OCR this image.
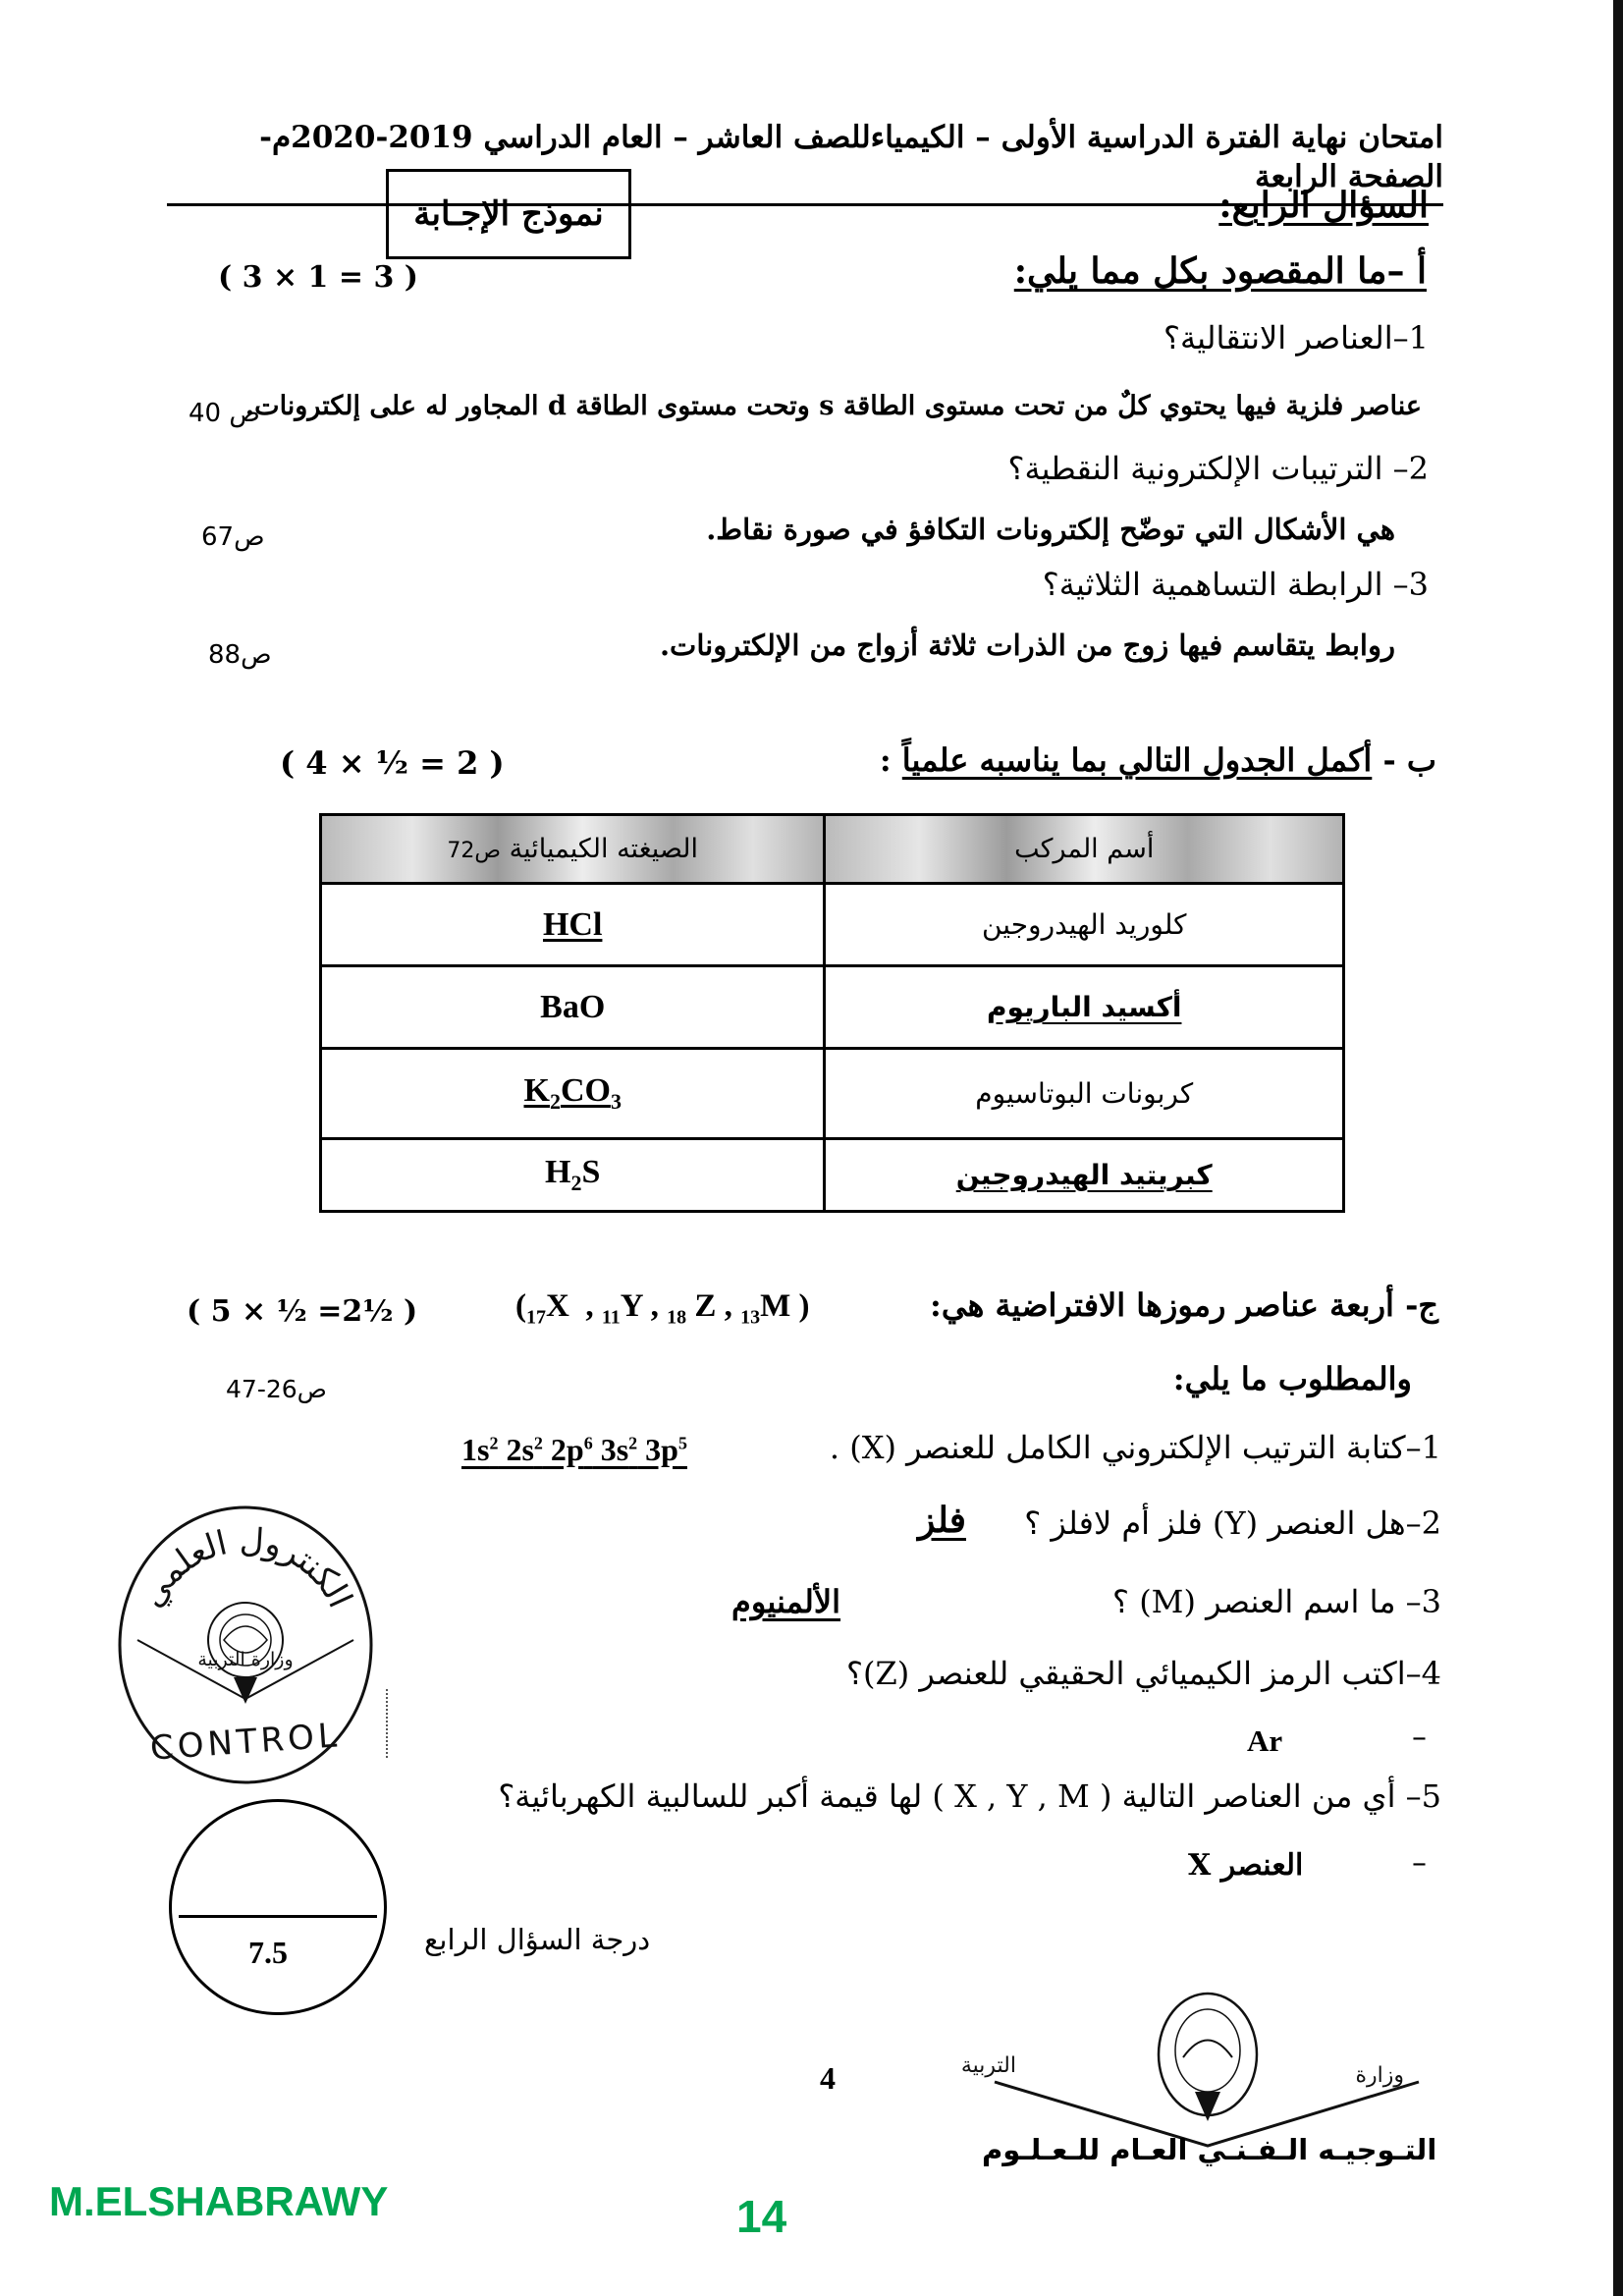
امتحان نهاية الفترة الدراسية الأولى – الكيمياءللصف العاشر – العام الدراسي 2019-2020م-الصفحة الرابعة
نموذج الإجـابة	السؤال الرابع:
أ –ما المقصود بكل مما يلي:
( 3 × 1 = 3 )
1–العناصر الانتقالية؟
عناصر فلزية فيها يحتوي كلٌ من تحت مستوى الطاقة s وتحت مستوى الطاقة d المجاور له على إلكترونات.
ص 40
2– الترتيبات الإلكترونية النقطية؟
هي الأشكال التي توضّح إلكترونات التكافؤ في صورة نقاط.
ص67
3– الرابطة التساهمية الثلاثية؟
روابط يتقاسم فيها زوج من الذرات ثلاثة أزواج من الإلكترونات.
ص88
ب - أكمل الجدول التالي بما يناسبه علمياً :
( 4 × ½ = 2 )
أسم المركب	الصيغته الكيميائية ص72
كلوريد الهيدروجين	HCl
أكسيد الباريوم	BaO
كربونات البوتاسيوم	$K_2CO_3$
كبريتيد الهيدروجين	$H_2S$
ج- أربعة عناصر رموزها الافتراضية هي:
($_{17}X$  , $_{11}$Y , $_{18}$ Z , $_{13}$M )
( 5 × ½ =2½ )
والمطلوب ما يلي:
ص26-47
1–كتابة الترتيب الإلكتروني الكامل للعنصر (X) .
$1s^2$ $2s^2$ $2p^6$ $3s^2$ $3p^5$
2–هل العنصر (Y) فلز أم لافلز ؟
فلز
3– ما اسم العنصر (M) ؟
الألمنيوم
4–اكتب الرمز الكيميائي الحقيقي للعنصر (Z)؟
–
Ar
5– أي من العناصر التالية ( X , Y , M ) لها قيمة أكبر للسالبية الكهربائية؟
–
العنصر X
الكنترول العلمي
وزارة التربية
CONTROL
7.5	درجة السؤال الرابع
4	التربية	وزارة
التـوجيـه الـفـنـي العـام للـعـلـوم
M.ELSHABRAWY	14
